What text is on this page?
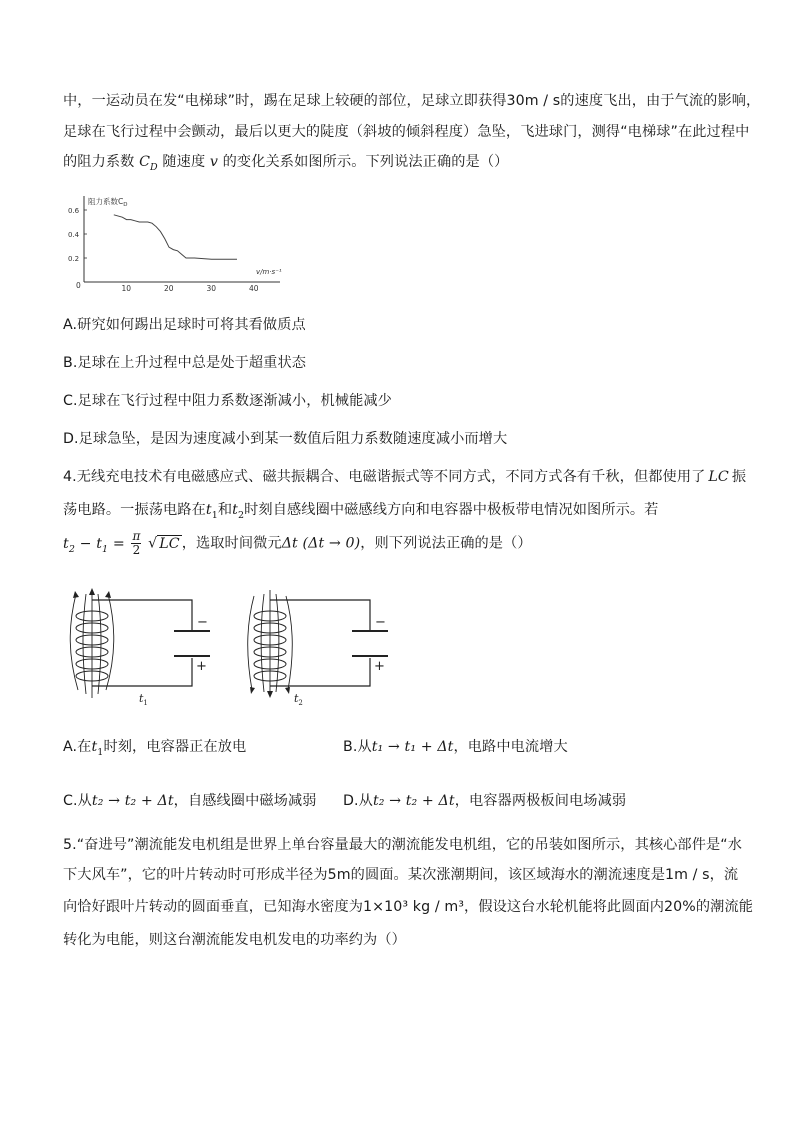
中，一运动员在发“电梯球”时，踢在足球上较硬的部位，足球立即获得30m / s的速度飞出，由于气流的影响，
足球在飞行过程中会颤动，最后以更大的陡度（斜坡的倾斜程度）急坠，飞进球门，测得“电梯球”在此过程中
的阻力系数 $C_D$ 随速度 v 的变化关系如图所示。下列说法正确的是（）
阻力系数$C_D$
v/m·s⁻¹
0	10	20	30	40
0.6
0.4
0.2
A.研究如何踢出足球时可将其看做质点
B.足球在上升过程中总是处于超重状态
C.足球在飞行过程中阻力系数逐渐减小，机械能减少
D.足球急坠，是因为速度减小到某一数值后阻力系数随速度减小而增大
4.无线充电技术有电磁感应式、磁共振耦合、电磁谐振式等不同方式，不同方式各有千秋，但都使用了 LC 振
荡电路。一振荡电路在$t_1$和$t_2$时刻自感线圈中磁感线方向和电容器中极板带电情况如图所示。若
$t_2 - t_1 = \frac{\pi}{2}$ √ LC ，选取时间微元Δt (Δt → 0)，则下列说法正确的是（）
−
+
$t_1$
−
+
$t_2$
A.在$t_1$时刻，电容器正在放电	B.从t₁ → t₁ + Δt，电路中电流增大
C.从t₂ → t₂ + Δt，自感线圈中磁场减弱 D.从t₂ → t₂ + Δt，电容器两极板间电场减弱
5.“奋进号”潮流能发电机组是世界上单台容量最大的潮流能发电机组，它的吊装如图所示，其核心部件是“水
下大风车”，它的叶片转动时可形成半径为5m的圆面。某次涨潮期间，该区域海水的潮流速度是1m / s，流
向恰好跟叶片转动的圆面垂直，已知海水密度为1×10³ kg / m³，假设这台水轮机能将此圆面内20%的潮流能
转化为电能，则这台潮流能发电机发电的功率约为（）
